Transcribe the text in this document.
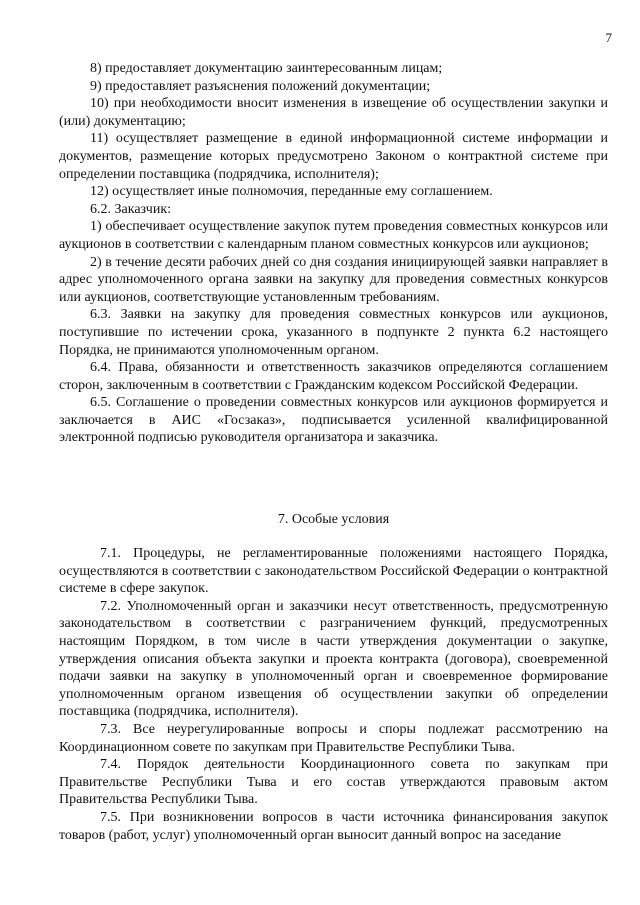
7

8) предоставляет документацию заинтересованным лицам;

9) предоставляет разъяснения положений документации;

10) при необходимости вносит изменения в извещение об осуществлении закупки и (или) документацию;

11) осуществляет размещение в единой информационной системе информации и документов, размещение которых предусмотрено Законом о контрактной системе при определении поставщика (подрядчика, исполнителя);

12) осуществляет иные полномочия, переданные ему соглашением.

6.2. Заказчик:

1) обеспечивает осуществление закупок путем проведения совместных конкурсов или аукционов в соответствии с календарным планом совместных конкурсов или аукционов;

2) в течение десяти рабочих дней со дня создания инициирующей заявки направляет в адрес уполномоченного органа заявки на закупку для проведения совместных конкурсов или аукционов, соответствующие установленным требованиям.

6.3. Заявки на закупку для проведения совместных конкурсов или аукционов, поступившие по истечении срока, указанного в подпункте 2 пункта 6.2 настоящего Порядка, не принимаются уполномоченным органом.

6.4. Права, обязанности и ответственность заказчиков определяются соглашением сторон, заключенным в соответствии с Гражданским кодексом Российской Федерации.

6.5. Соглашение о проведении совместных конкурсов или аукционов формируется и заключается в АИС «Госзаказ», подписывается усиленной квалифицированной электронной подписью руководителя организатора и заказчика.

7. Особые условия

7.1. Процедуры, не регламентированные положениями настоящего Порядка, осуществляются в соответствии с законодательством Российской Федерации о контрактной системе в сфере закупок.

7.2. Уполномоченный орган и заказчики несут ответственность, предусмотренную законодательством в соответствии с разграничением функций, предусмотренных настоящим Порядком, в том числе в части утверждения документации о закупке, утверждения описания объекта закупки и проекта контракта (договора), своевременной подачи заявки на закупку в уполномоченный орган и своевременное формирование уполномоченным органом извещения об осуществлении закупки об определении поставщика (подрядчика, исполнителя).

7.3. Все неурегулированные вопросы и споры подлежат рассмотрению на Координационном совете по закупкам при Правительстве Республики Тыва.

7.4. Порядок деятельности Координационного совета по закупкам при Правительстве Республики Тыва и его состав утверждаются правовым актом Правительства Республики Тыва.

7.5. При возникновении вопросов в части источника финансирования закупок товаров (работ, услуг) уполномоченный орган выносит данный вопрос на заседание
